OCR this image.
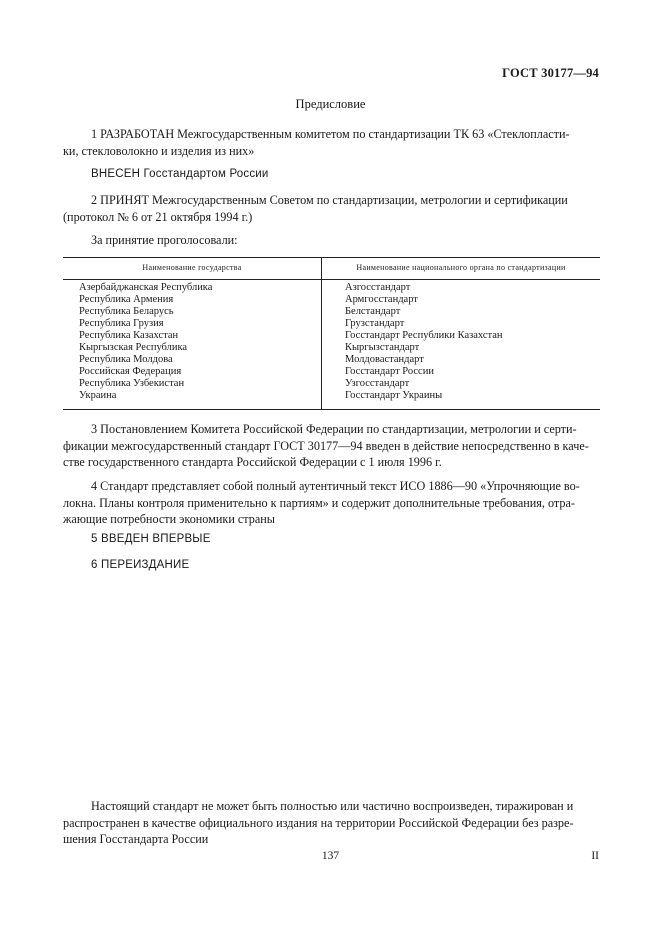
ГОСТ 30177—94
Предисловие
1 РАЗРАБОТАН Межгосударственным комитетом по стандартизации ТК 63 «Стеклопласти-
ки, стекловолокно и изделия из них»
ВНЕСЕН Госстандартом России
2 ПРИНЯТ Межгосударственным Советом по стандартизации, метрологии и сертификации
(протокол № 6 от 21 октября 1994 г.)
За принятие проголосовали:
Наименование государства	Наименование национального органа по стандартизации
Азербайджанская Республика
Республика Армения
Республика Беларусь
Республика Грузия
Республика Казахстан
Кыргызская Республика
Республика Молдова
Российская Федерация
Республика Узбекистан
Украина
Азгосстандарт
Армгосстандарт
Белстандарт
Грузстандарт
Госстандарт Республики Казахстан
Кыргызстандарт
Молдовастандарт
Госстандарт России
Узгосстандарт
Госстандарт Украины
3 Постановлением Комитета Российской Федерации по стандартизации, метрологии и серти-
фикации межгосударственный стандарт ГОСТ 30177—94 введен в действие непосредственно в каче-
стве государственного стандарта Российской Федерации с 1 июля 1996 г.
4 Стандарт представляет собой полный аутентичный текст ИСО 1886—90 «Упрочняющие во-
локна. Планы контроля применительно к партиям» и содержит дополнительные требования, отра-
жающие потребности экономики страны
5 ВВЕДЕН ВПЕРВЫЕ
6 ПЕРЕИЗДАНИЕ
Настоящий стандарт не может быть полностью или частично воспроизведен, тиражирован и
распространен в качестве официального издания на территории Российской Федерации без разре-
шения Госстандарта России
137	II
